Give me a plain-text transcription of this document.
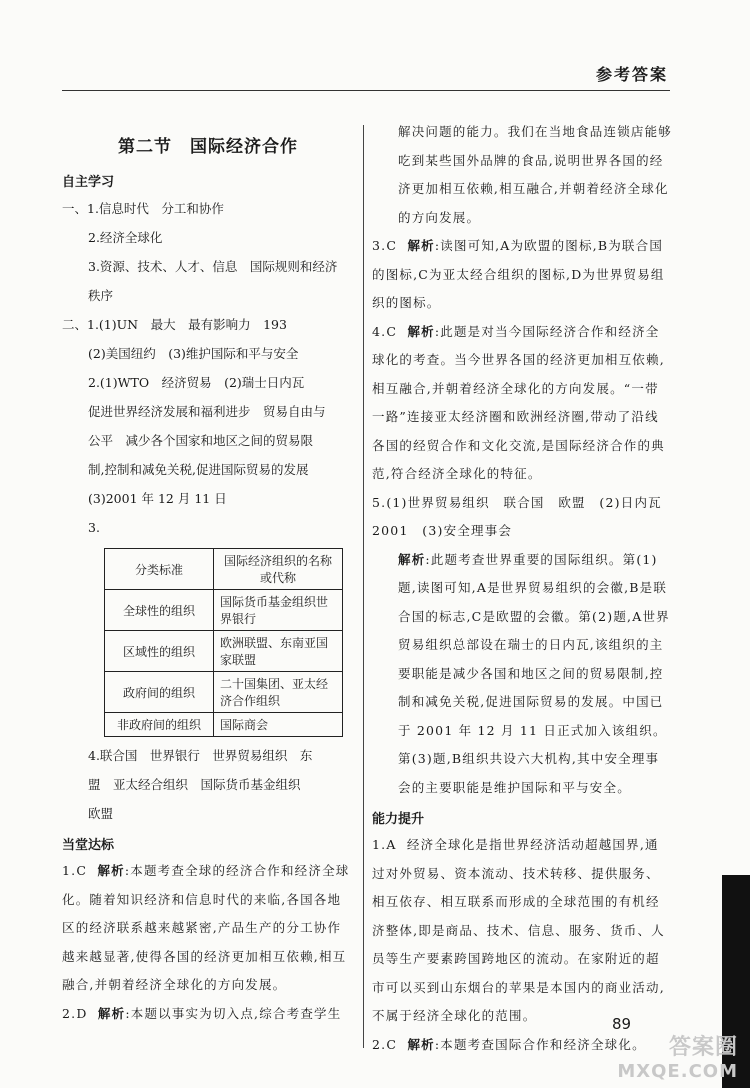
参考答案
第二节　国际经济合作
自主学习
一、1.信息时代　分工和协作
2.经济全球化
3.资源、技术、人才、信息　国际规则和经济
秩序
二、1.(1)UN　最大　最有影响力　193
(2)美国纽约　(3)维护国际和平与安全
2.(1)WTO　经济贸易　(2)瑞士日内瓦
促进世界经济发展和福利进步　贸易自由与
公平　减少各个国家和地区之间的贸易限
制,控制和减免关税,促进国际贸易的发展
(3)2001 年 12 月 11 日
3.
分类标准	国际经济组织的名称或代称
全球性的组织	国际货币基金组织世界银行
区域性的组织	欧洲联盟、东南亚国家联盟
政府间的组织	二十国集团、亚太经济合作组织
非政府间的组织	国际商会
4.联合国　世界银行　世界贸易组织　东
盟　亚太经合组织　国际货币基金组织
欧盟
当堂达标
1.C 解析:本题考查全球的经济合作和经济全球化。随着知识经济和信息时代的来临,各国各地区的经济联系越来越紧密,产品生产的分工协作越来越显著,使得各国的经济更加相互依赖,相互融合,并朝着经济全球化的方向发展。
2.D 解析:本题以事实为切入点,综合考查学生
解决问题的能力。我们在当地食品连锁店能够吃到某些国外品牌的食品,说明世界各国的经济更加相互依赖,相互融合,并朝着经济全球化的方向发展。
3.C 解析:读图可知,A为欧盟的图标,B为联合国的图标,C为亚太经合组织的图标,D为世界贸易组织的图标。
4.C 解析:此题是对当今国际经济合作和经济全球化的考查。当今世界各国的经济更加相互依赖,相互融合,并朝着经济全球化的方向发展。“一带一路”连接亚太经济圈和欧洲经济圈,带动了沿线各国的经贸合作和文化交流,是国际经济合作的典范,符合经济全球化的特征。
5.(1)世界贸易组织　联合国　欧盟　(2)日内瓦　2001　(3)安全理事会
解析:此题考查世界重要的国际组织。第(1)题,读图可知,A是世界贸易组织的会徽,B是联合国的标志,C是欧盟的会徽。第(2)题,A世界贸易组织总部设在瑞士的日内瓦,该组织的主要职能是减少各国和地区之间的贸易限制,控制和减免关税,促进国际贸易的发展。中国已于 2001 年 12 月 11 日正式加入该组织。第(3)题,B组织共设六大机构,其中安全理事会的主要职能是维护国际和平与安全。
能力提升
1.A 经济全球化是指世界经济活动超越国界,通过对外贸易、资本流动、技术转移、提供服务、相互依存、相互联系而形成的全球范围的有机经济整体,即是商品、技术、信息、服务、货币、人员等生产要素跨国跨地区的流动。在家附近的超市可以买到山东烟台的苹果是本国内的商业活动,不属于经济全球化的范围。
2.C 解析:本题考查国际合作和经济全球化。
89
答案圈
MXQE.COM
